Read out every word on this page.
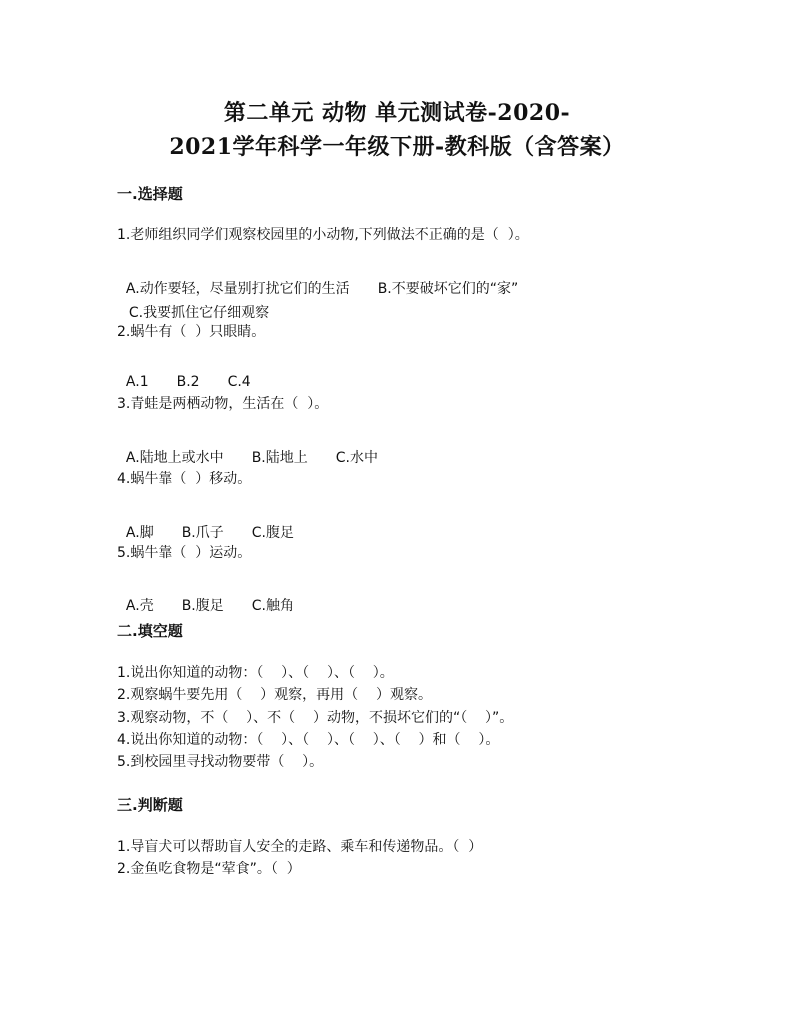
第二单元 动物 单元测试卷-2020-
2021学年科学一年级下册-教科版（含答案）
一.选择题
1.老师组织同学们观察校园里的小动物,下列做法不正确的是（  ）。

A.动作要轻，尽量别打扰它们的生活 B.不要破坏它们的“家”

C.我要抓住它仔细观察

2.蜗牛有（  ）只眼睛。

A.1 B.2 C.4

3.青蛙是两栖动物，生活在（  ）。

A.陆地上或水中 B.陆地上 C.水中

4.蜗牛靠（  ）移动。

A.脚 B.爪子 C.腹足

5.蜗牛靠（  ）运动。

A.壳 B.腹足 C.触角

二.填空题
1.说出你知道的动物：（    ）、（    ）、（    ）。
2.观察蜗牛要先用（    ）观察，再用（    ）观察。
3.观察动物，不（    ）、不（    ）动物，不损坏它们的“（    ）”。
4.说出你知道的动物：（    ）、（    ）、（    ）、（    ）和（    ）。
5.到校园里寻找动物要带（    ）。
三.判断题
1.导盲犬可以帮助盲人安全的走路、乘车和传递物品。（  ）
2.金鱼吃食物是“荤食”。（  ）
